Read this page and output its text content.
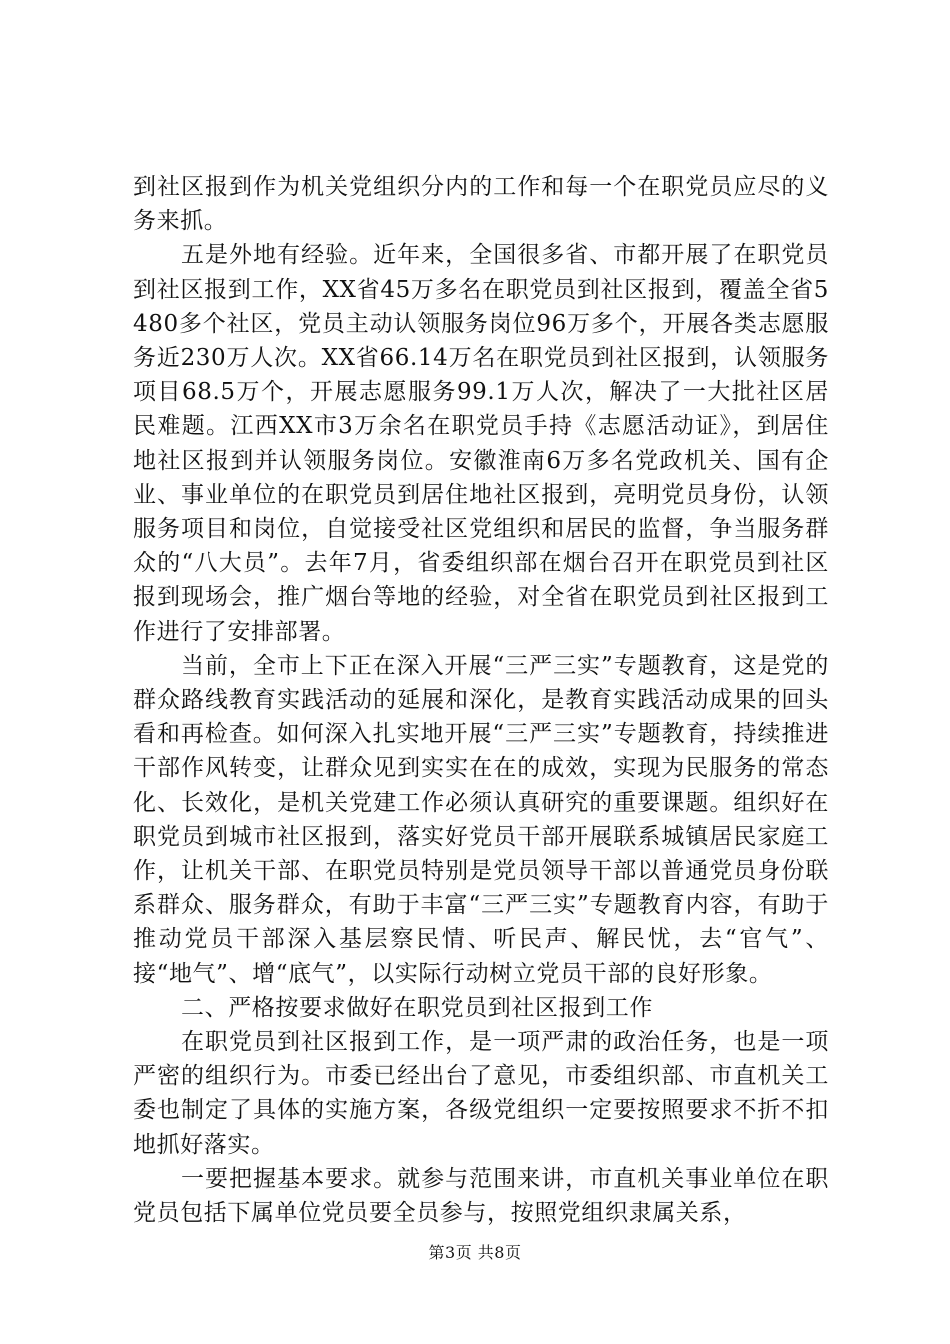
到社区报到作为机关党组织分内的工作和每一个在职党员应尽的义务来抓。

五是外地有经验。近年来，全国很多省、市都开展了在职党员到社区报到工作，XX省45万多名在职党员到社区报到，覆盖全省5480多个社区，党员主动认领服务岗位96万多个，开展各类志愿服务近230万人次。XX省66.14万名在职党员到社区报到，认领服务项目68.5万个，开展志愿服务99.1万人次，解决了一大批社区居民难题。江西XX市3万余名在职党员手持《志愿活动证》，到居住地社区报到并认领服务岗位。安徽淮南6万多名党政机关、国有企业、事业单位的在职党员到居住地社区报到，亮明党员身份，认领服务项目和岗位，自觉接受社区党组织和居民的监督，争当服务群众的“八大员”。去年7月，省委组织部在烟台召开在职党员到社区报到现场会，推广烟台等地的经验，对全省在职党员到社区报到工作进行了安排部署。

当前，全市上下正在深入开展“三严三实”专题教育，这是党的群众路线教育实践活动的延展和深化，是教育实践活动成果的回头看和再检查。如何深入扎实地开展“三严三实”专题教育，持续推进干部作风转变，让群众见到实实在在的成效，实现为民服务的常态化、长效化，是机关党建工作必须认真研究的重要课题。组织好在职党员到城市社区报到，落实好党员干部开展联系城镇居民家庭工作，让机关干部、在职党员特别是党员领导干部以普通党员身份联系群众、服务群众，有助于丰富“三严三实”专题教育内容，有助于推动党员干部深入基层察民情、听民声、解民忧，去“官气”、接“地气”、增“底气”，以实际行动树立党员干部的良好形象。

二、严格按要求做好在职党员到社区报到工作

在职党员到社区报到工作，是一项严肃的政治任务，也是一项严密的组织行为。市委已经出台了意见，市委组织部、市直机关工委也制定了具体的实施方案，各级党组织一定要按照要求不折不扣地抓好落实。

一要把握基本要求。就参与范围来讲，市直机关事业单位在职党员包括下属单位党员要全员参与，按照党组织隶属关系，

第3页 共8页
